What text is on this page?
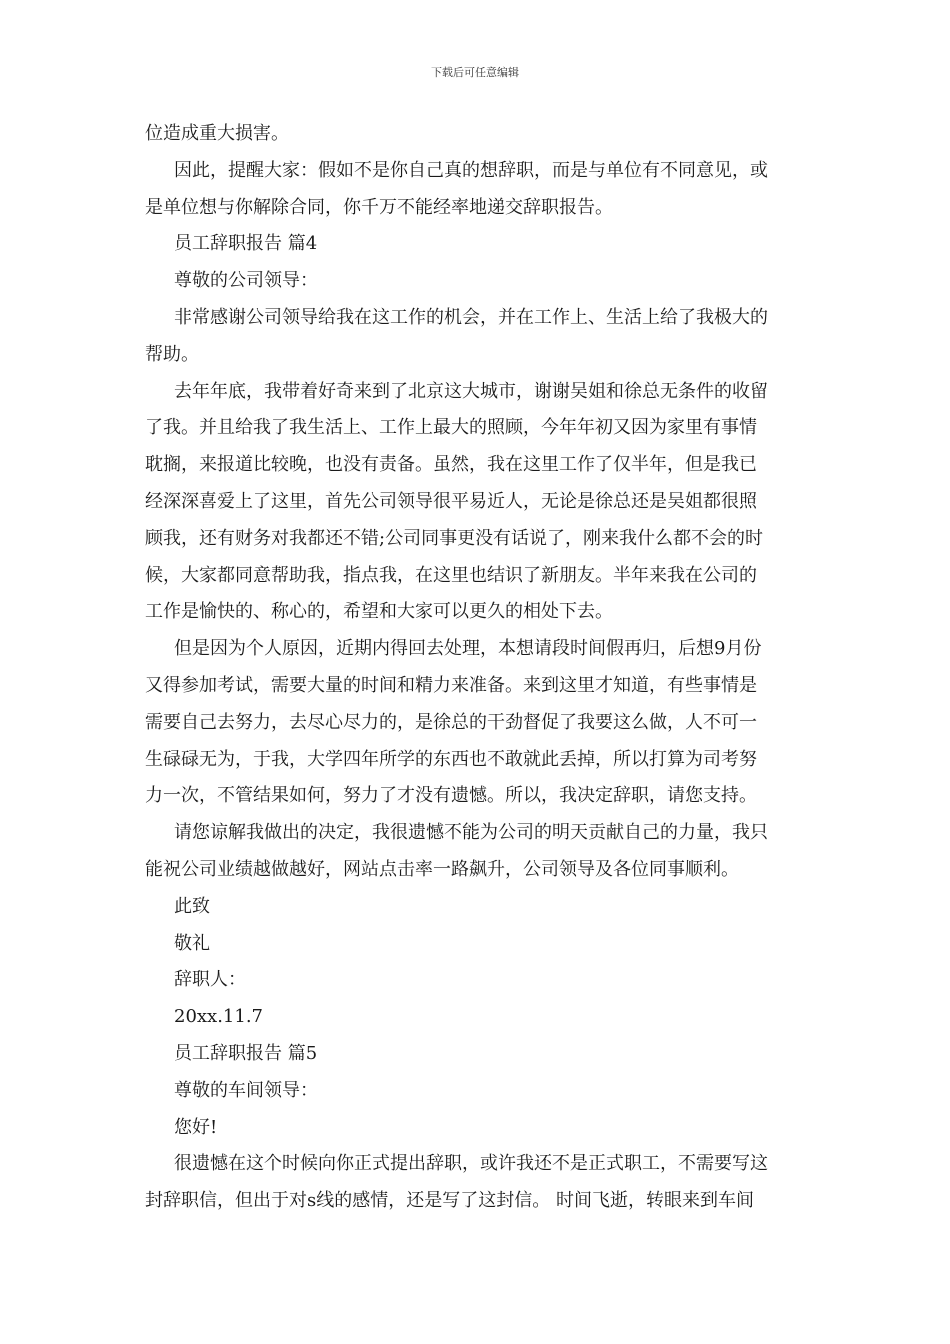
下载后可任意编辑

位造成重大损害。

因此，提醒大家：假如不是你自己真的想辞职，而是与单位有不同意见，或

是单位想与你解除合同，你千万不能经率地递交辞职报告。

员工辞职报告 篇4

尊敬的公司领导：

非常感谢公司领导给我在这工作的机会，并在工作上、生活上给了我极大的

帮助。

去年年底，我带着好奇来到了北京这大城市，谢谢吴姐和徐总无条件的收留

了我。并且给我了我生活上、工作上最大的照顾，今年年初又因为家里有事情

耽搁，来报道比较晚，也没有责备。虽然，我在这里工作了仅半年，但是我已

经深深喜爱上了这里，首先公司领导很平易近人，无论是徐总还是吴姐都很照

顾我，还有财务对我都还不错;公司同事更没有话说了，刚来我什么都不会的时

候，大家都同意帮助我，指点我，在这里也结识了新朋友。半年来我在公司的

工作是愉快的、称心的，希望和大家可以更久的相处下去。

但是因为个人原因，近期内得回去处理，本想请段时间假再归，后想9月份

又得参加考试，需要大量的时间和精力来准备。来到这里才知道，有些事情是

需要自己去努力，去尽心尽力的，是徐总的干劲督促了我要这么做，人不可一

生碌碌无为，于我，大学四年所学的东西也不敢就此丢掉，所以打算为司考努

力一次，不管结果如何，努力了才没有遗憾。所以，我决定辞职，请您支持。

请您谅解我做出的决定，我很遗憾不能为公司的明天贡献自己的力量，我只

能祝公司业绩越做越好，网站点击率一路飙升，公司领导及各位同事顺利。

此致

敬礼

辞职人：

20xx.11.7

员工辞职报告 篇5

尊敬的车间领导：

您好!

很遗憾在这个时候向你正式提出辞职，或许我还不是正式职工，不需要写这

封辞职信，但出于对s线的感情，还是写了这封信。 时间飞逝，转眼来到车间
